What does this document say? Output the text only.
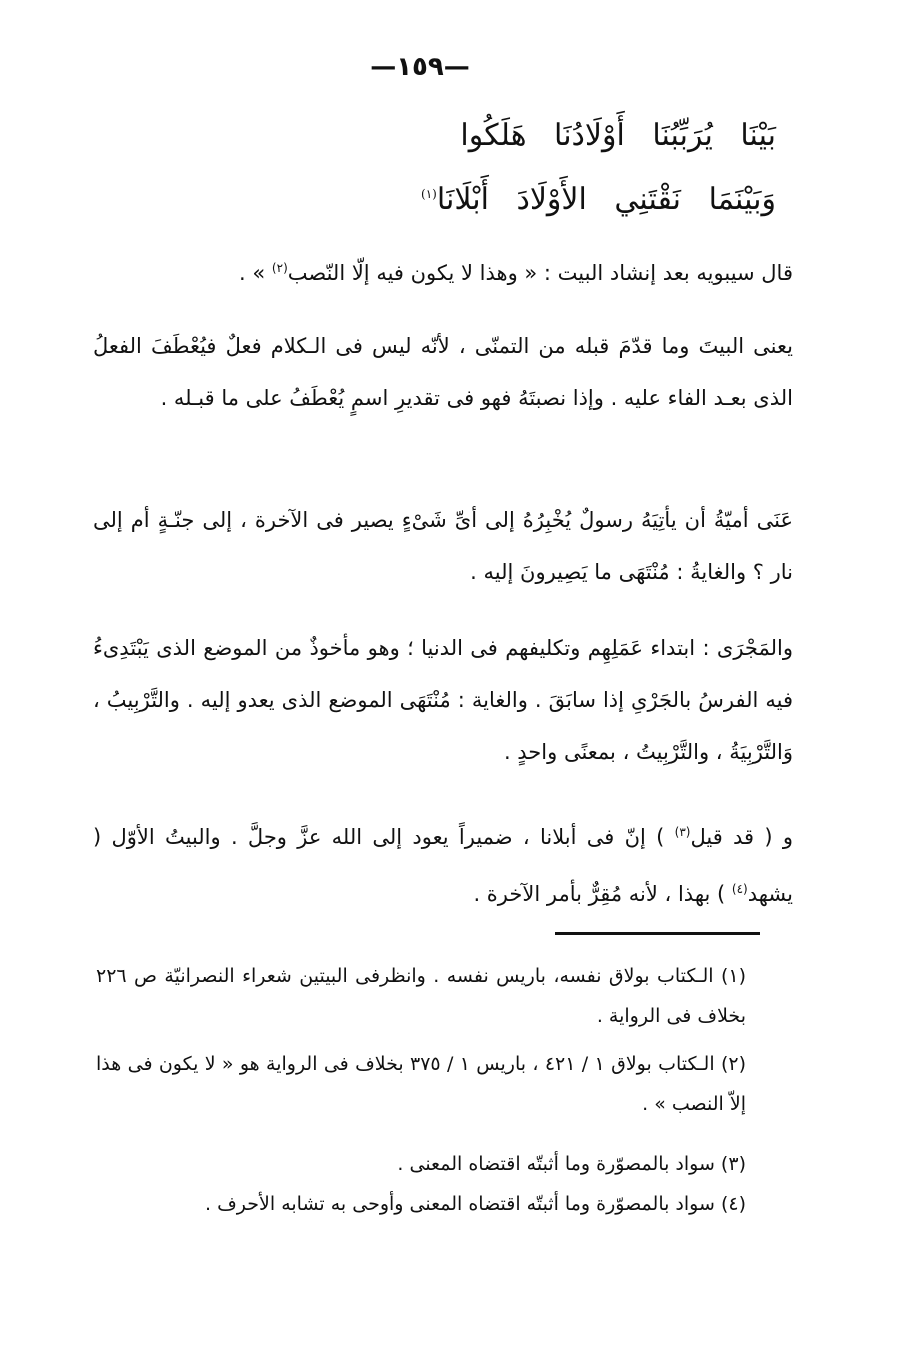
—١٥٩—
بَيْنَا يُرَبِّبُنَا أَوْلَادُنَا هَلَكُوا
وَبَيْنَمَا نَقْتَنِي الأَوْلَادَ أَبْلَانَا$^{(١)}$
قال سيبويه بعد إنشاد البيت : « وهذا لا يكون فيه إلّا النّصب$^{(٢)}$ » .
يعنى البيتَ وما قدّمَ قبله من التمنّى ، لأنّه ليس فى الـكلام فعلٌ فيُعْطَفَ الفعلُ الذى بعـد الفاء عليه . وإذا نصبتَهُ فهو فى تقديرِ اسمٍ يُعْطَفُ على ما قبـله .
عَنَى أميّةُ أن يأتِيَهُ رسولٌ يُخْبِرُهُ إلى أىِّ شَىْءٍ يصير فى الآخرة ، إلى جنّـةٍ أم إلى نار ؟ والغايةُ : مُنْتَهَى ما يَصِيرونَ إليه .
والمَجْرَى : ابتداء عَمَلِهِم وتكليفهم فى الدنيا ؛ وهو مأخوذٌ من الموضع الذى يَبْتَدِىءُ فيه الفرسُ بالجَرْىِ إذا سابَقَ . والغاية : مُنْتَهَى الموضع الذى يعدو إليه . والتَّرْبِيبُ ، وَالتَّرْبِيَةُ ، والتَّرْبِيتُ ، بمعنًى واحدٍ .
و ( قد قيل$^{(٣)}$ ) إنّ فى أبلانا ، ضميراً يعود إلى الله عزَّ وجلَّ . والبيتُ الأوّل ( يشهد$^{(٤)}$ ) بهذا ، لأنه مُقِرٌّ بأمر الآخرة .
(١) الـكتاب بولاق نفسه، باريس نفسه . وانظرفى البيتين شعراء النصرانيّة ص ٢٢٦ بخلاف فى الرواية .
(٢) الـكتاب بولاق ١ / ٤٢١ ، باريس ١ / ٣٧٥ بخلاف فى الرواية هو « لا يكون فى هذا إلاّ النصب » .
(٣) سواد بالمصوّرة وما أثبتّه اقتضاه المعنى .
(٤) سواد بالمصوّرة وما أثبتّه اقتضاه المعنى وأوحى به تشابه الأحرف .
